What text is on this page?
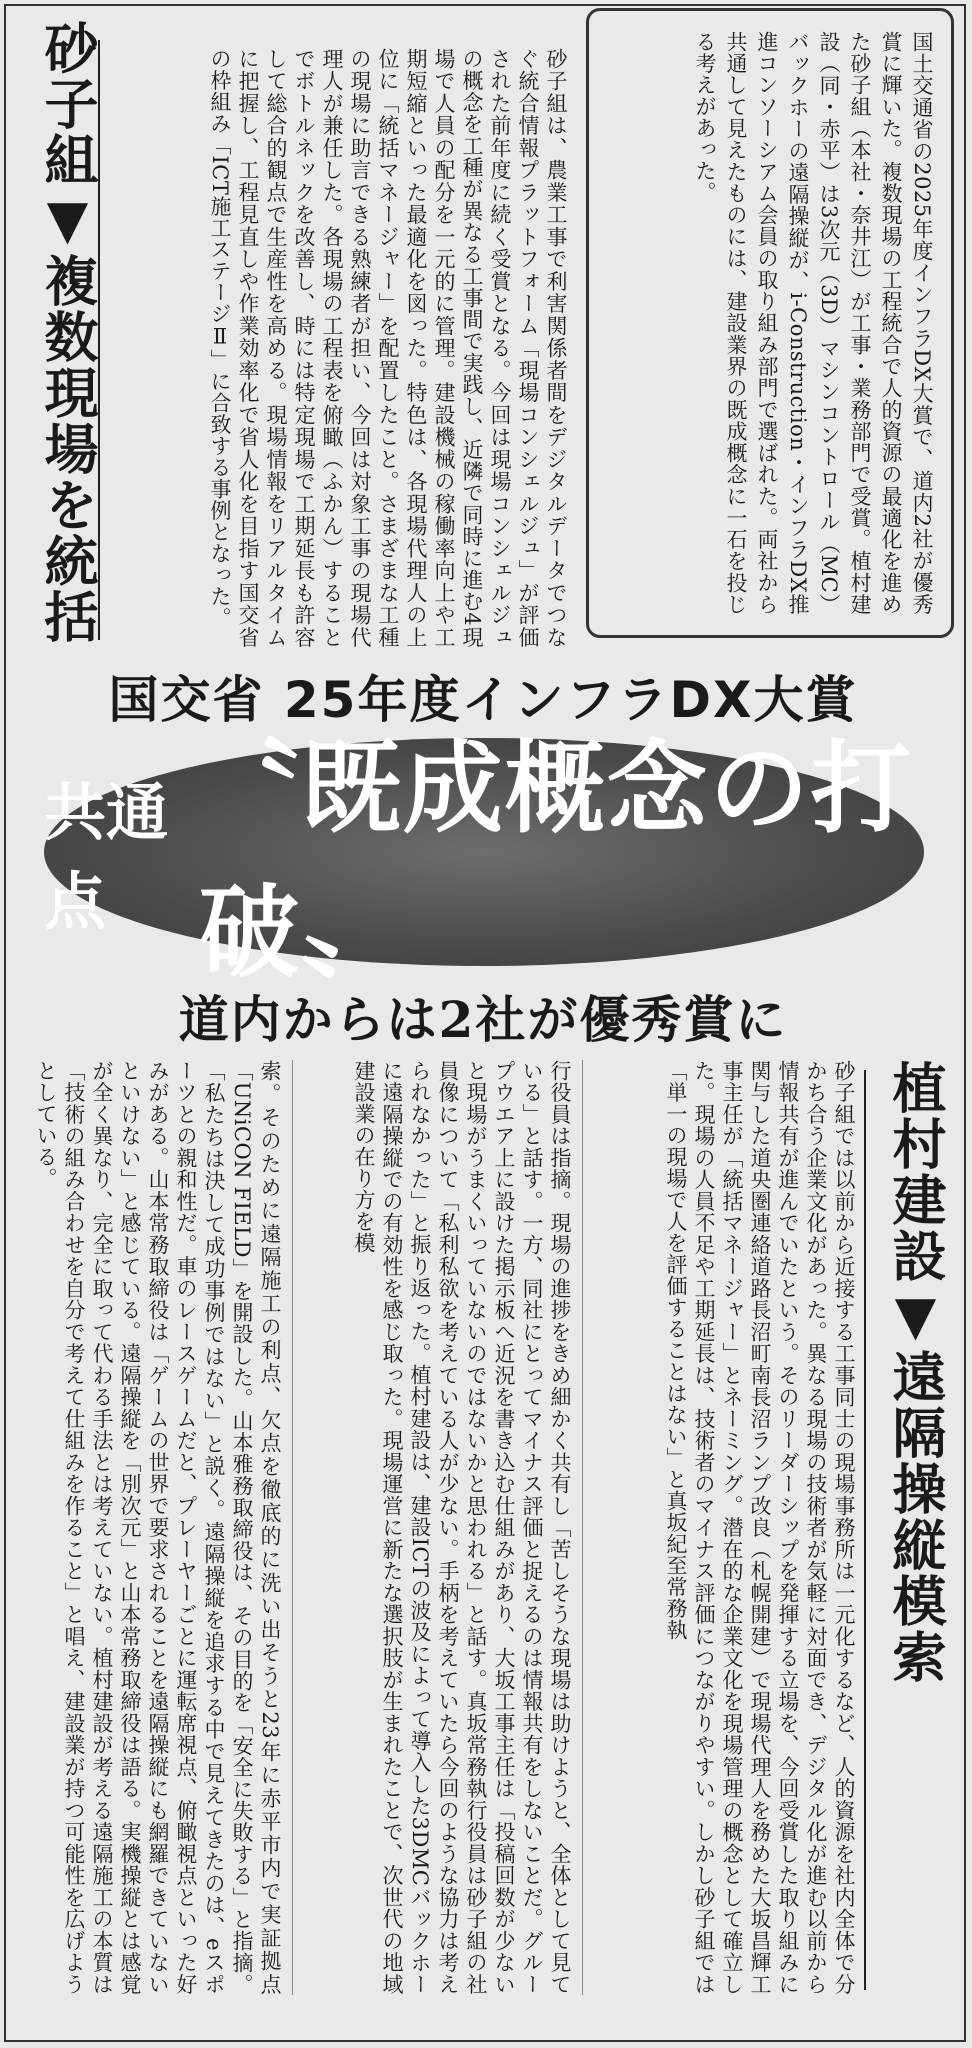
国土交通省の2025年度インフラDX大賞で、道内2社が優秀賞に輝いた。複数現場の工程統合で人的資源の最適化を進めた砂子組（本社・奈井江）が工事・業務部門で受賞。植村建設（同・赤平）は3次元（3D）マシンコントロール（MC）バックホーの遠隔操縦が、i-Construction・インフラDX推進コンソーシアム会員の取り組み部門で選ばれた。両社から共通して見えたものには、建設業界の既成概念に一石を投じる考えがあった。
砂子組は、農業工事で利害関係者間をデジタルデータでつなぐ統合情報プラットフォーム「現場コンシェルジュ」が評価された前年度に続く受賞となる。今回は現場コンシェルジュの概念を工種が異なる工事間で実践し、近隣で同時に進む4現場で人員の配分を一元的に管理。建設機械の稼働率向上や工期短縮といった最適化を図った。特色は、各現場代理人の上位に「統括マネージャー」を配置したこと。さまざまな工種の現場に助言できる熟練者が担い、今回は対象工事の現場代理人が兼任した。各現場の工程表を俯瞰（ふかん）することでボトルネックを改善し、時には特定現場で工期延長も許容して総合的観点で生産性を高める。現場情報をリアルタイムに把握し、工程見直しや作業効率化で省人化を目指す国交省の枠組み「ICT施工ステージⅡ」に合致する事例となった。
砂子組▼複数現場を統括
国交省 25年度インフラDX大賞
共通点
〝既成概念の打破〟
道内からは2社が優秀賞に
植村建設▼遠隔操縦模索
砂子組では以前から近接する工事同士の現場事務所は一元化するなど、人的資源を社内全体で分かち合う企業文化があった。異なる現場の技術者が気軽に対面でき、デジタル化が進む以前から情報共有が進んでいたという。そのリーダーシップを発揮する立場を、今回受賞した取り組みに関与した道央圏連絡道路長沼町南長沼ランプ改良（札幌開建）で現場代理人を務めた大坂昌輝工事主任が「統括マネージャー」とネーミング。潜在的な企業文化を現場管理の概念として確立した。現場の人員不足や工期延長は、技術者のマイナス評価につながりやすい。しかし砂子組では「単一の現場で人を評価することはない」と真坂紀至常務執
行役員は指摘。現場の進捗をきめ細かく共有し「苦しそうな現場は助けようと、全体として見ている」と話す。一方、同社にとってマイナス評価と捉えるのは情報共有をしないことだ。グループウエア上に設けた掲示板へ近況を書き込む仕組みがあり、大坂工事主任は「投稿回数が少ないと現場がうまくいっていないのではないかと思われる」と話す。真坂常務執行役員は砂子組の社員像について「私利私欲を考えている人が少ない。手柄を考えていたら今回のような協力は考えられなかった」と振り返った。植村建設は、建設ICTの波及によって導入した3DMCバックホーに遠隔操縦での有効性を感じ取った。現場運営に新たな選択肢が生まれたことで、次世代の地域建設業の在り方を模
索。そのために遠隔施工の利点、欠点を徹底的に洗い出そうと23年に赤平市内で実証拠点「UNiCON FIELD」を開設した。山本雅務取締役は、その目的を「安全に失敗する」と指摘。「私たちは決して成功事例ではない」と説く。遠隔操縦を追求する中で見えてきたのは、eスポーツとの親和性だ。車のレースゲームだと、プレーヤーごとに運転席視点、俯瞰視点といった好みがある。山本常務取締役は「ゲームの世界で要求されることを遠隔操縦にも網羅できていないといけない」と感じている。遠隔操縦を「別次元」と山本常務取締役は語る。実機操縦とは感覚が全く異なり、完全に取って代わる手法とは考えていない。植村建設が考える遠隔施工の本質は「技術の組み合わせを自分で考えて仕組みを作ること」と唱え、建設業が持つ可能性を広げようとしている。
